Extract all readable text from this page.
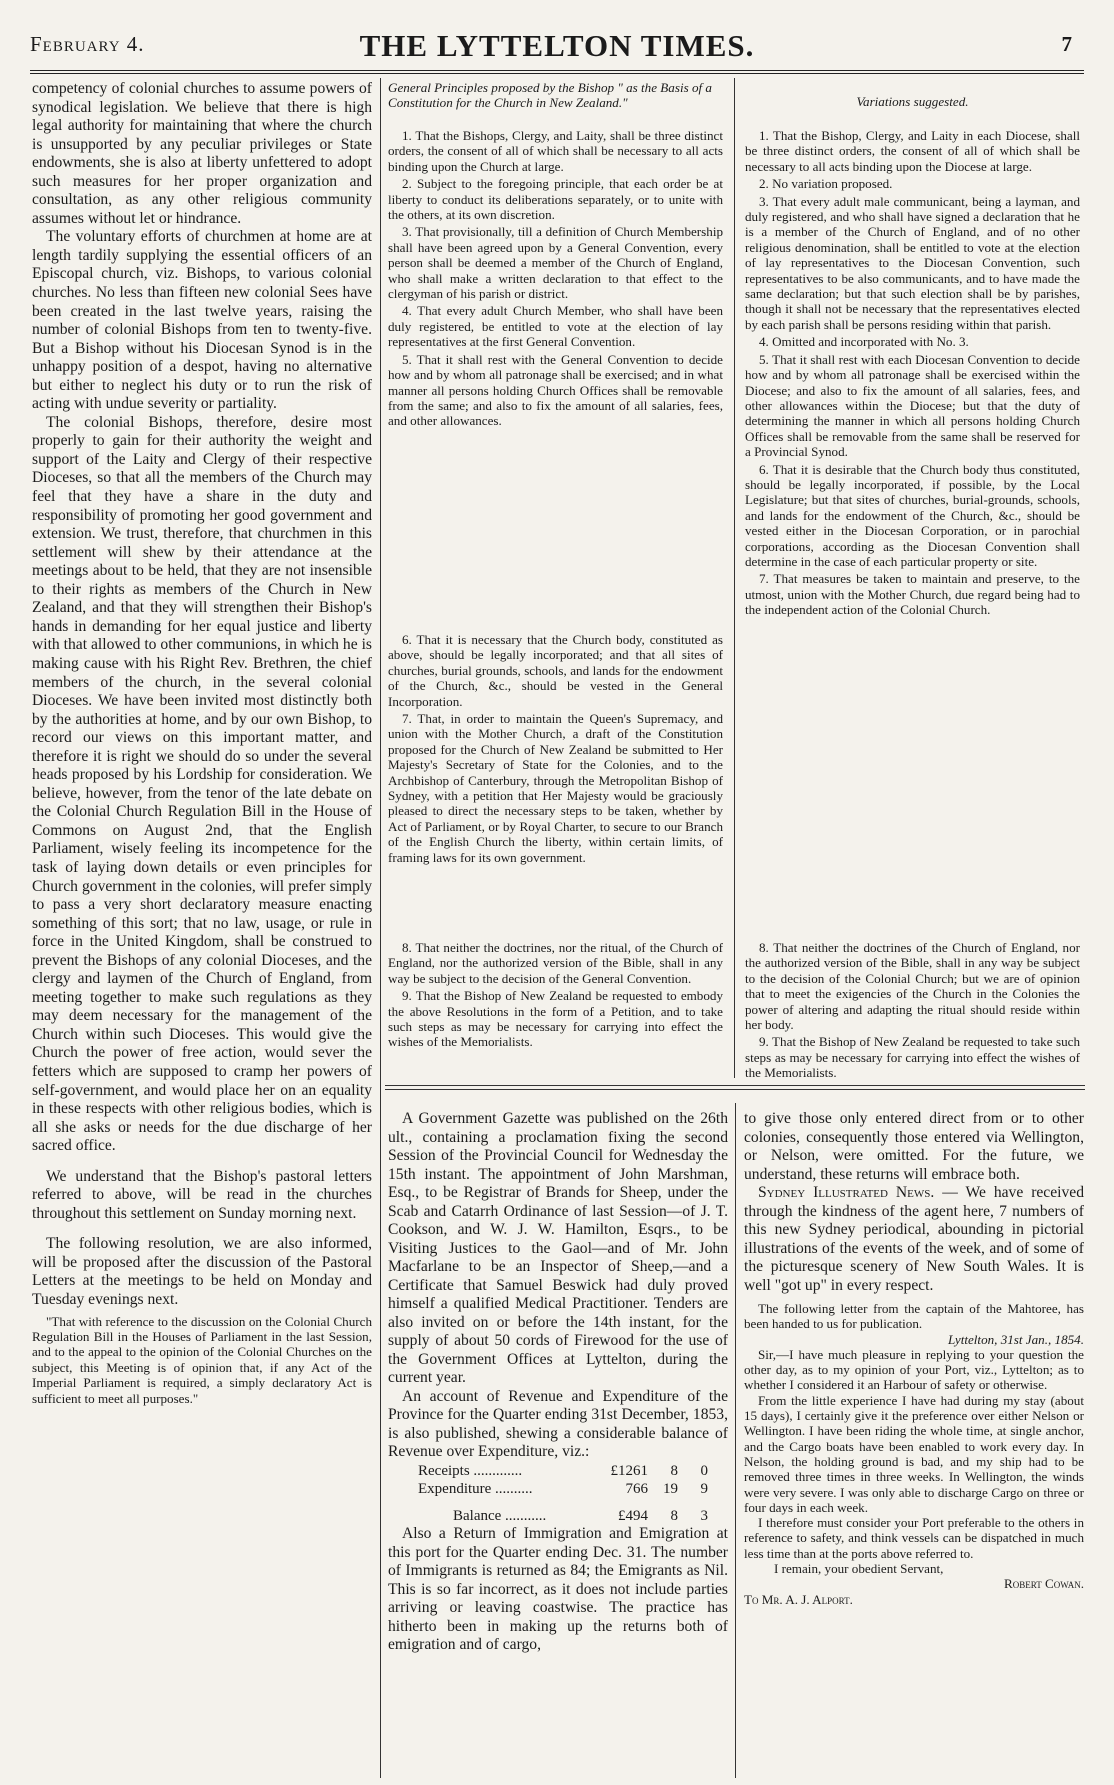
February 4.	THE LYTTELTON TIMES.	7

competency of colonial churches to assume powers of synodical legislation. We believe that there is high legal authority for maintaining that where the church is unsupported by any peculiar privileges or State endowments, she is also at liberty unfettered to adopt such measures for her proper organization and consultation, as any other religious community assumes without let or hindrance.

The voluntary efforts of churchmen at home are at length tardily supplying the essential officers of an Episcopal church, viz. Bishops, to various colonial churches. No less than fifteen new colonial Sees have been created in the last twelve years, raising the number of colonial Bishops from ten to twenty-five. But a Bishop without his Diocesan Synod is in the unhappy position of a despot, having no alternative but either to neglect his duty or to run the risk of acting with undue severity or partiality.

The colonial Bishops, therefore, desire most properly to gain for their authority the weight and support of the Laity and Clergy of their respective Dioceses, so that all the members of the Church may feel that they have a share in the duty and responsibility of promoting her good government and extension. We trust, therefore, that churchmen in this settlement will shew by their attendance at the meetings about to be held, that they are not insensible to their rights as members of the Church in New Zealand, and that they will strengthen their Bishop's hands in demanding for her equal justice and liberty with that allowed to other communions, in which he is making cause with his Right Rev. Brethren, the chief members of the church, in the several colonial Dioceses. We have been invited most distinctly both by the authorities at home, and by our own Bishop, to record our views on this important matter, and therefore it is right we should do so under the several heads proposed by his Lordship for consideration. We believe, however, from the tenor of the late debate on the Colonial Church Regulation Bill in the House of Commons on August 2nd, that the English Parliament, wisely feeling its incompetence for the task of laying down details or even principles for Church government in the colonies, will prefer simply to pass a very short declaratory measure enacting something of this sort; that no law, usage, or rule in force in the United Kingdom, shall be construed to prevent the Bishops of any colonial Dioceses, and the clergy and laymen of the Church of England, from meeting together to make such regulations as they may deem necessary for the management of the Church within such Dioceses. This would give the Church the power of free action, would sever the fetters which are supposed to cramp her powers of self-government, and would place her on an equality in these respects with other religious bodies, which is all she asks or needs for the due discharge of her sacred office.

We understand that the Bishop's pastoral letters referred to above, will be read in the churches throughout this settlement on Sunday morning next.

The following resolution, we are also informed, will be proposed after the discussion of the Pastoral Letters at the meetings to be held on Monday and Tuesday evenings next.

"That with reference to the discussion on the Colonial Church Regulation Bill in the Houses of Parliament in the last Session, and to the appeal to the opinion of the Colonial Churches on the subject, this Meeting is of opinion that, if any Act of the Imperial Parliament is required, a simply declaratory Act is sufficient to meet all purposes."

General Principles proposed by the Bishop " as the Basis of a Constitution for the Church in New Zealand."

1. That the Bishops, Clergy, and Laity, shall be three distinct orders, the consent of all of which shall be necessary to all acts binding upon the Church at large.

2. Subject to the foregoing principle, that each order be at liberty to conduct its deliberations separately, or to unite with the others, at its own discretion.

3. That provisionally, till a definition of Church Membership shall have been agreed upon by a General Convention, every person shall be deemed a member of the Church of England, who shall make a written declaration to that effect to the clergyman of his parish or district.

4. That every adult Church Member, who shall have been duly registered, be entitled to vote at the election of lay representatives at the first General Convention.

5. That it shall rest with the General Convention to decide how and by whom all patronage shall be exercised; and in what manner all persons holding Church Offices shall be removable from the same; and also to fix the amount of all salaries, fees, and other allowances.

6. That it is necessary that the Church body, constituted as above, should be legally incorporated; and that all sites of churches, burial grounds, schools, and lands for the endowment of the Church, &c., should be vested in the General Incorporation.

7. That, in order to maintain the Queen's Supremacy, and union with the Mother Church, a draft of the Constitution proposed for the Church of New Zealand be submitted to Her Majesty's Secretary of State for the Colonies, and to the Archbishop of Canterbury, through the Metropolitan Bishop of Sydney, with a petition that Her Majesty would be graciously pleased to direct the necessary steps to be taken, whether by Act of Parliament, or by Royal Charter, to secure to our Branch of the English Church the liberty, within certain limits, of framing laws for its own government.

8. That neither the doctrines, nor the ritual, of the Church of England, nor the authorized version of the Bible, shall in any way be subject to the decision of the General Convention.

9. That the Bishop of New Zealand be requested to embody the above Resolutions in the form of a Petition, and to take such steps as may be necessary for carrying into effect the wishes of the Memorialists.

Variations suggested.

1. That the Bishop, Clergy, and Laity in each Diocese, shall be three distinct orders, the consent of all of which shall be necessary to all acts binding upon the Diocese at large.

2. No variation proposed.

3. That every adult male communicant, being a layman, and duly registered, and who shall have signed a declaration that he is a member of the Church of England, and of no other religious denomination, shall be entitled to vote at the election of lay representatives to the Diocesan Convention, such representatives to be also communicants, and to have made the same declaration; but that such election shall be by parishes, though it shall not be necessary that the representatives elected by each parish shall be persons residing within that parish.

4. Omitted and incorporated with No. 3.

5. That it shall rest with each Diocesan Convention to decide how and by whom all patronage shall be exercised within the Diocese; and also to fix the amount of all salaries, fees, and other allowances within the Diocese; but that the duty of determining the manner in which all persons holding Church Offices shall be removable from the same shall be reserved for a Provincial Synod.

6. That it is desirable that the Church body thus constituted, should be legally incorporated, if possible, by the Local Legislature; but that sites of churches, burial-grounds, schools, and lands for the endowment of the Church, &c., should be vested either in the Diocesan Corporation, or in parochial corporations, according as the Diocesan Convention shall determine in the case of each particular property or site.

7. That measures be taken to maintain and preserve, to the utmost, union with the Mother Church, due regard being had to the independent action of the Colonial Church.

8. That neither the doctrines of the Church of England, nor the authorized version of the Bible, shall in any way be subject to the decision of the Colonial Church; but we are of opinion that to meet the exigencies of the Church in the Colonies the power of altering and adapting the ritual should reside within her body.

9. That the Bishop of New Zealand be requested to take such steps as may be necessary for carrying into effect the wishes of the Memorialists.

A Government Gazette was published on the 26th ult., containing a proclamation fixing the second Session of the Provincial Council for Wednesday the 15th instant. The appointment of John Marshman, Esq., to be Registrar of Brands for Sheep, under the Scab and Catarrh Ordinance of last Session—of J. T. Cookson, and W. J. W. Hamilton, Esqrs., to be Visiting Justices to the Gaol—and of Mr. John Macfarlane to be an Inspector of Sheep,—and a Certificate that Samuel Beswick had duly proved himself a qualified Medical Practitioner. Tenders are also invited on or before the 14th instant, for the supply of about 50 cords of Firewood for the use of the Government Offices at Lyttelton, during the current year.

An account of Revenue and Expenditure of the Province for the Quarter ending 31st December, 1853, is also published, shewing a considerable balance of Revenue over Expenditure, viz.:

Receipts .............	£1261	8	0
Expenditure ..........	766	19	9
Balance ...........	£494	8	3

Also a Return of Immigration and Emigration at this port for the Quarter ending Dec. 31. The number of Immigrants is returned as 84; the Emigrants as Nil. This is so far incorrect, as it does not include parties arriving or leaving coastwise. The practice has hitherto been in making up the returns both of emigration and of cargo,

to give those only entered direct from or to other colonies, consequently those entered via Wellington, or Nelson, were omitted. For the future, we understand, these returns will embrace both.

Sydney Illustrated News. — We have received through the kindness of the agent here, 7 numbers of this new Sydney periodical, abounding in pictorial illustrations of the events of the week, and of some of the picturesque scenery of New South Wales. It is well "got up" in every respect.

The following letter from the captain of the Mahtoree, has been handed to us for publication.

Lyttelton, 31st Jan., 1854.

Sir,—I have much pleasure in replying to your question the other day, as to my opinion of your Port, viz., Lyttelton; as to whether I considered it an Harbour of safety or otherwise.

From the little experience I have had during my stay (about 15 days), I certainly give it the preference over either Nelson or Wellington. I have been riding the whole time, at single anchor, and the Cargo boats have been enabled to work every day. In Nelson, the holding ground is bad, and my ship had to be removed three times in three weeks. In Wellington, the winds were very severe. I was only able to discharge Cargo on three or four days in each week.

I therefore must consider your Port preferable to the others in reference to safety, and think vessels can be dispatched in much less time than at the ports above referred to.

I remain, your obedient Servant,

Robert Cowan.

To Mr. A. J. Alport.
